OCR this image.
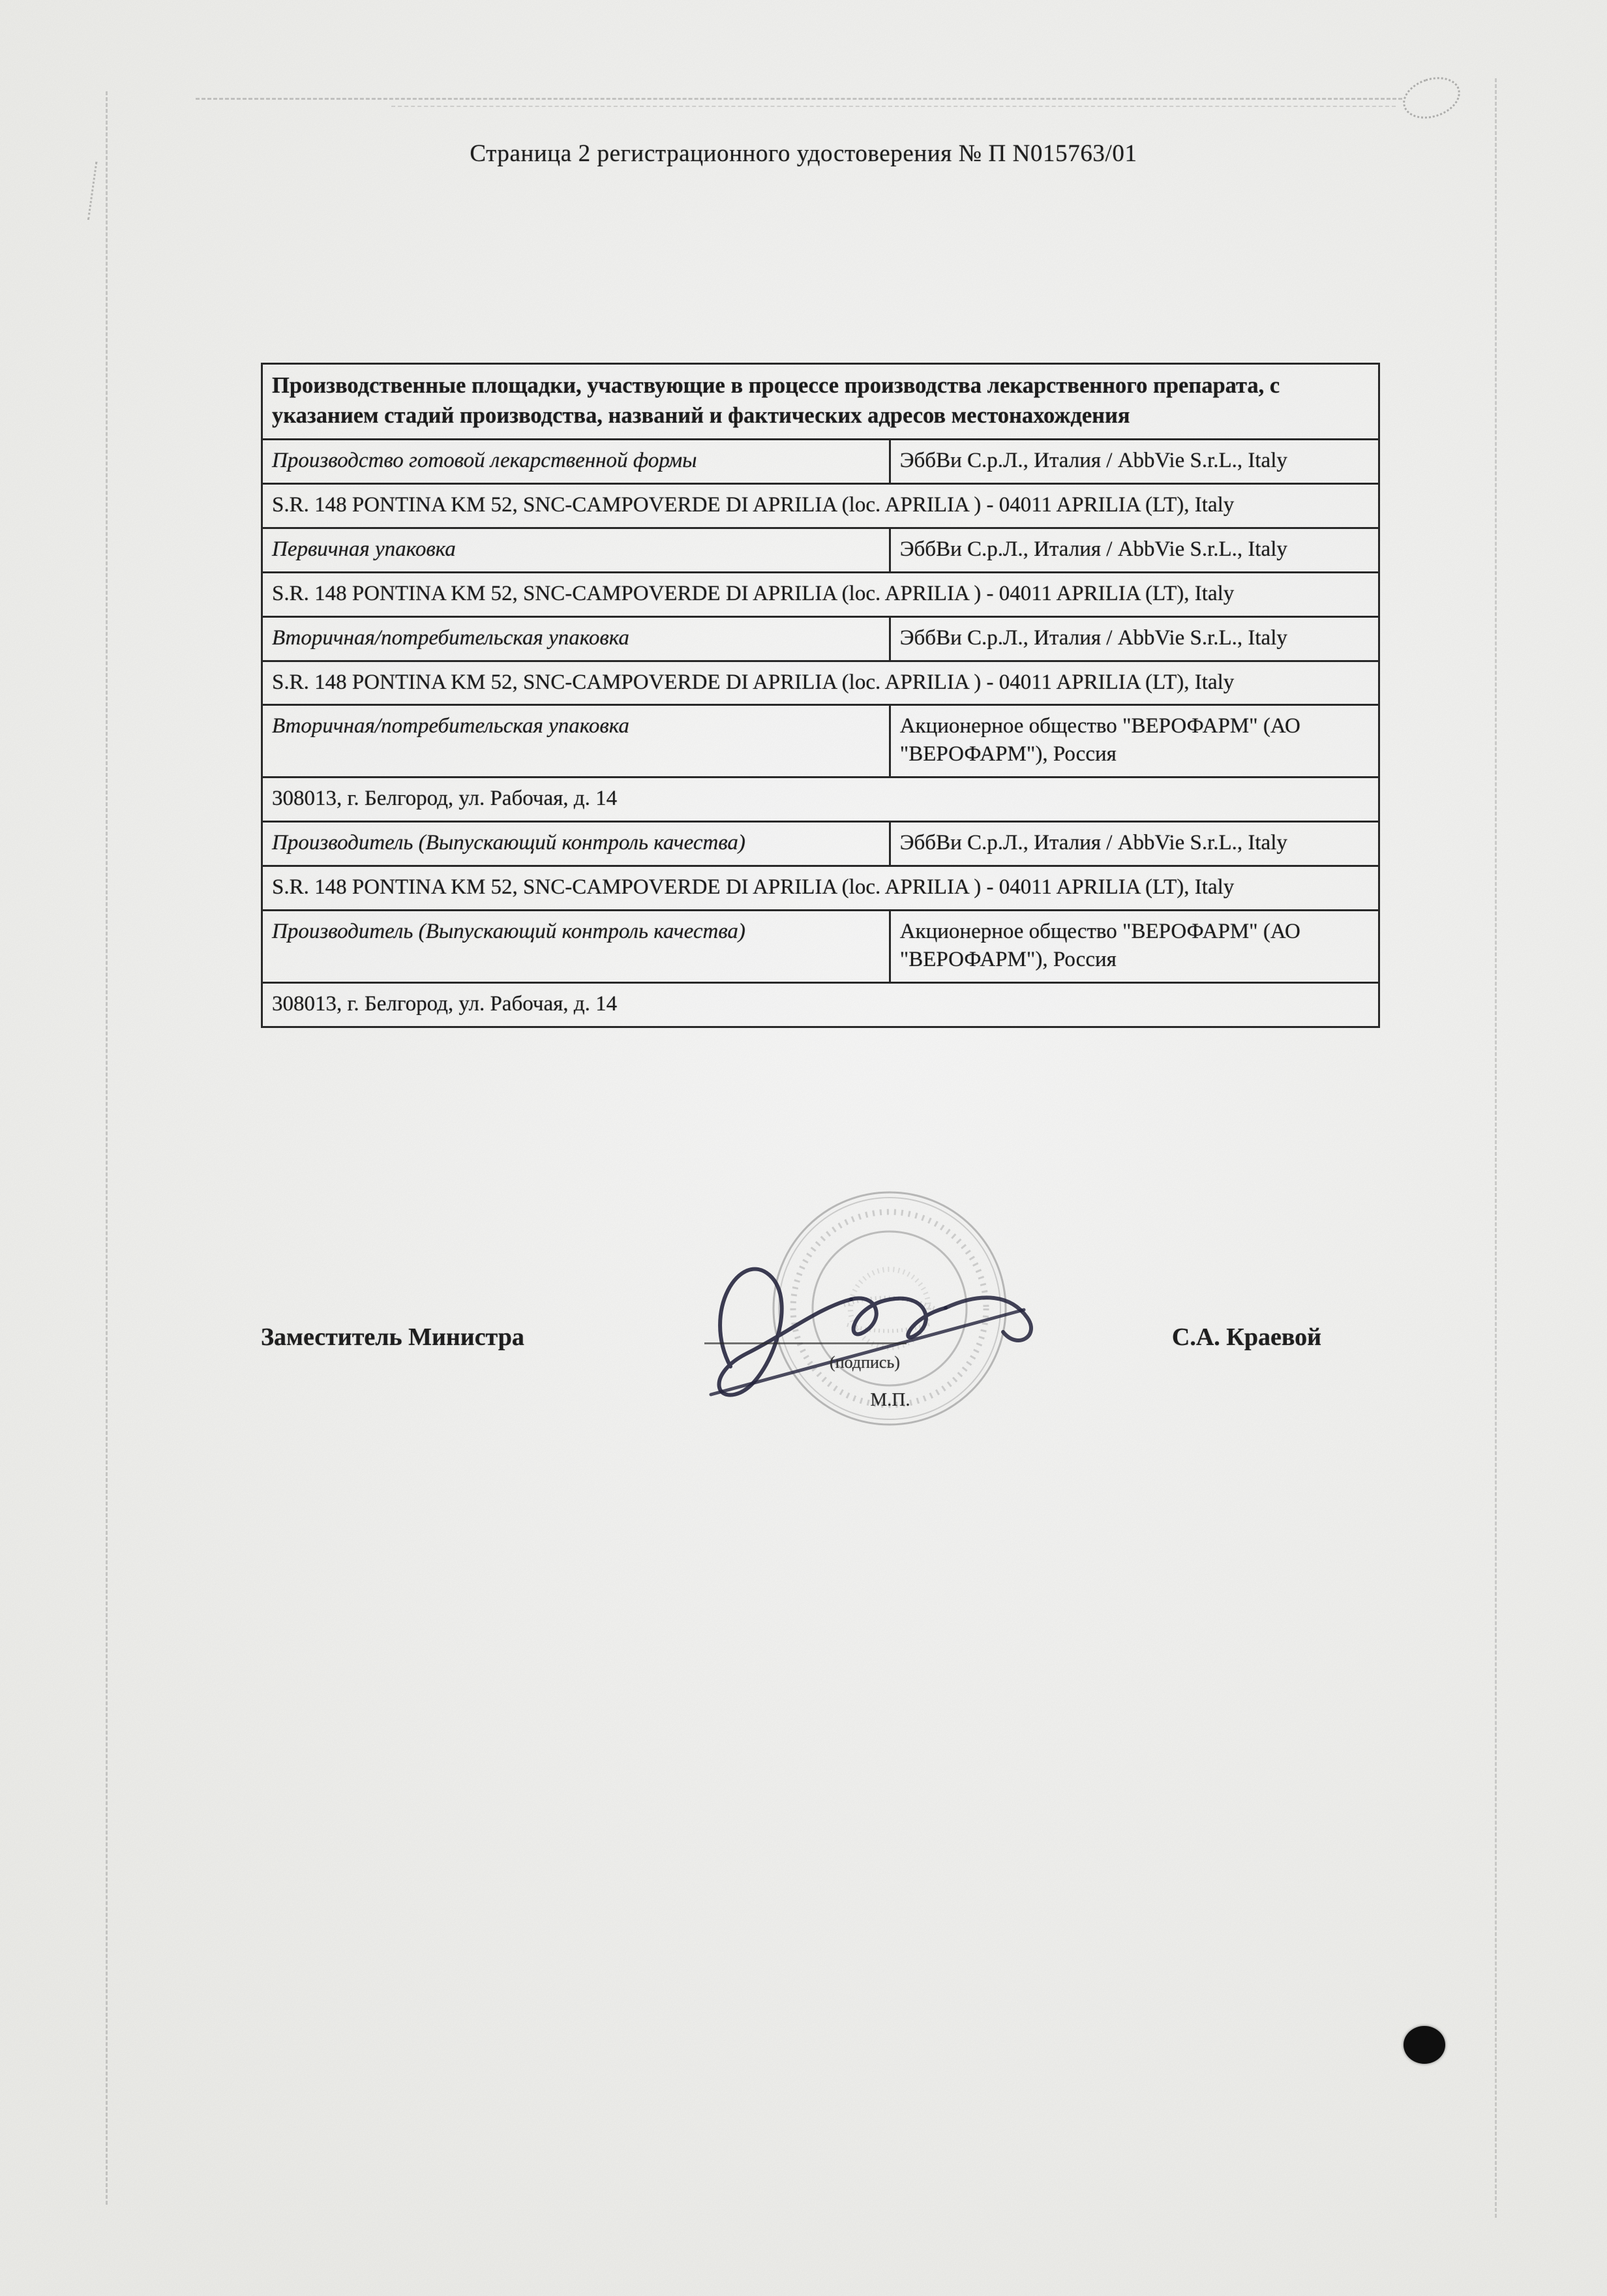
Страница 2 регистрационного удостоверения № П N015763/01
Производственные площадки, участвующие в процессе производства лекарственного препарата, с указанием стадий производства, названий и фактических адресов местонахождения
Производство готовой лекарственной формы	ЭббВи С.р.Л., Италия / AbbVie S.r.L., Italy
S.R. 148 PONTINA KM 52, SNC-CAMPOVERDE DI APRILIA (loc. APRILIA ) - 04011 APRILIA (LT), Italy
Первичная упаковка	ЭббВи С.р.Л., Италия / AbbVie S.r.L., Italy
S.R. 148 PONTINA KM 52, SNC-CAMPOVERDE DI APRILIA (loc. APRILIA ) - 04011 APRILIA (LT), Italy
Вторичная/потребительская упаковка	ЭббВи С.р.Л., Италия / AbbVie S.r.L., Italy
S.R. 148 PONTINA KM 52, SNC-CAMPOVERDE DI APRILIA (loc. APRILIA ) - 04011 APRILIA (LT), Italy
Вторичная/потребительская упаковка	Акционерное общество "ВЕРОФАРМ" (АО "ВЕРОФАРМ"), Россия
308013, г. Белгород, ул. Рабочая, д. 14
Производитель (Выпускающий контроль качества)	ЭббВи С.р.Л., Италия / AbbVie S.r.L., Italy
S.R. 148 PONTINA KM 52, SNC-CAMPOVERDE DI APRILIA (loc. APRILIA ) - 04011 APRILIA (LT), Italy
Производитель (Выпускающий контроль качества)	Акционерное общество "ВЕРОФАРМ" (АО "ВЕРОФАРМ"), Россия
308013, г. Белгород, ул. Рабочая, д. 14
(подпись)
М.П.
Заместитель Министра	С.А. Краевой
